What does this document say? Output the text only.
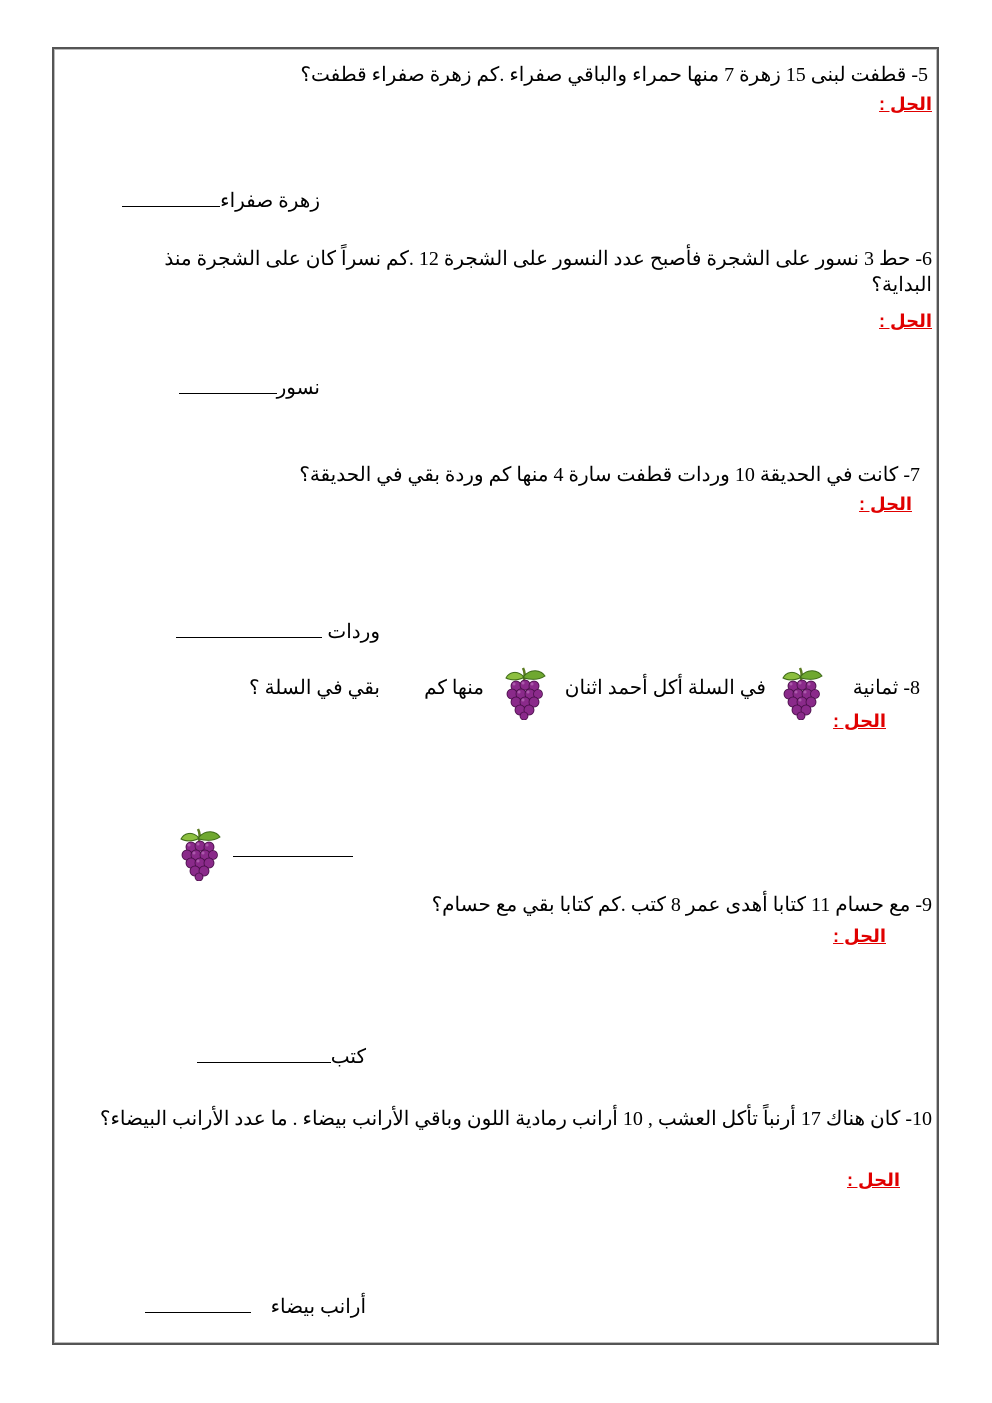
5- قطفت لبنى 15 زهرة 7 منها حمراء والباقي صفراء .كم زهرة صفراء قطفت؟
الحل :
زهرة صفراء
6- حط 3 نسور على الشجرة فأصبح عدد النسور على الشجرة 12 .كم نسراً كان على الشجرة منذ البداية؟
الحل :
نسور
7- كانت في الحديقة 10 وردات قطفت سارة 4 منها كم وردة بقي في الحديقة؟
الحل :
وردات
8- ثمانية
في السلة أكل أحمد اثنان
منها كم
بقي في السلة ؟
الحل :
9- مع حسام 11 كتابا أهدى عمر 8 كتب .كم كتابا بقي مع حسام؟
الحل :
كتب
10- كان هناك 17 أرنباً تأكل العشب , 10 أرانب رمادية اللون وباقي الأرانب بيضاء . ما عدد الأرانب البيضاء؟
الحل :
أرانب بيضاء
